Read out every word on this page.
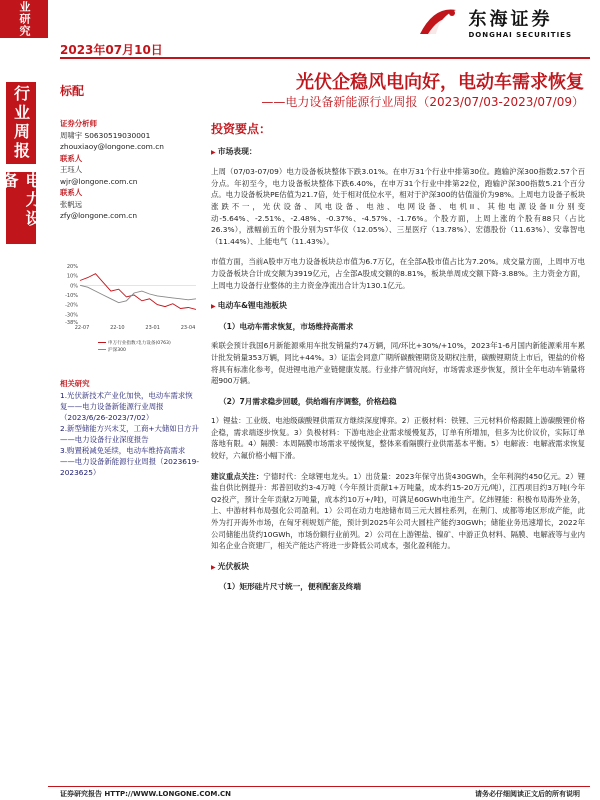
业研究
行业周报
电力设备
2023年07月10日
东海证券
DONGHAI SECURITIES
标配	光伏企稳风电向好，电动车需求恢复
——电力设备新能源行业周报（2023/07/03-2023/07/09）
证券分析师
周啸宇 S0630519030001
zhouxiaoy@longone.com.cn
联系人
王珏人
wjr@longone.com.cn
联系人
张帆远
zfy@longone.com.cn
20%
10%
0%
-10%
-20%
-30%
-38%
22-07	22-10	23-01	23-04
申万行业指数:电力设备(0763)
沪深300
相关研究
1.光伏新技术产业化加快，电动车需求恢复——电力设备新能源行业周报（2023/6/26-2023/7/02）
2.新型储能方兴未艾，工商+大储如日方升——电力设备行业深度报告
3.购置税减免延续，电动车维持高需求——电力设备新能源行业周报（2023619-2023625）
投资要点：
▶ 市场表现：

上周（07/03-07/09）电力设备板块整体下跌3.01%。在申万31个行业中排第30位。跑输沪深300指数2.57个百分点。年初至今，电力设备板块整体下跌6.40%，在申万31个行业中排第22位，跑输沪深300指数5.21个百分点。电力设备板块PE估值为21.7倍，处于相对低位水平，相对于沪深300的估值溢价为98%。上周电力设备子板块涨跌不一，光伏设备、风电设备、电池、电网设备、电机II、其他电源设备II分别变动-5.64%、-2.51%、-2.48%、-0.37%、-4.57%、-1.76%。个股方面，上周上涨的个股有88只（占比26.3%），涨幅前五的个股分别为ST华仪（12.05%）、三星医疗（13.78%）、宏德股份（11.63%）、安靠智电（11.44%）、上能电气（11.43%）。

市值方面，当前A股申万电力设备板块总市值为6.7万亿，在全部A股市值占比为7.20%。成交量方面，上周申万电力设备板块合计成交额为3919亿元，占全部A股成交额的8.81%，板块单周成交额下降-3.88%。主力资金方面，上周电力设备行业整体的主力资金净流出合计为130.1亿元。

▶ 电动车&锂电池板块
（1）电动车需求恢复，市场维持高需求

乘联会预计我国6月新能源乘用车批发销量约74万辆，同/环比+30%/+10%，2023年1-6月国内新能源乘用车累计批发销量353万辆，同比+44%。3）证监会同意广期所碳酸锂期货及期权注册，碳酸锂期货上市后，锂盐的价格将具有标准化参考，促进锂电池产业链健康发展。行业排产情况向好，市场需求逐步恢复，预计全年电动车销量将超900万辆。

（2）7月需求稳步回暖，供给端有序调整，价格趋稳

1）锂盐：工业级、电池级碳酸锂供需双方继续深度博弈。2）正极材料：铁锂、三元材料价格跟随上游碳酸锂价格企稳，需求端逐步恢复。3）负极材料：下游电池企业需求缓慢复苏，订单有所增加，但多为比价议价，实际订单落地有限。4）隔膜：本周隔膜市场需求平缓恢复，整体来看隔膜行业供需基本平衡。5）电解液：电解液需求恢复较好，六氟价格小幅下滑。

建议重点关注：宁德时代：全球锂电龙头。1）出货量：2023年保守出货430GWh，全年利润约450亿元。2）锂盐自供比例提升：邦普回收约3-4万吨（今年预计贡献1+万吨量，成本约15-20万元/吨），江西项目约3万吨(今年Q2投产，预计全年贡献2万吨量，成本约10万+/吨)，可满足60GWh电池生产。亿纬锂能：积极布局海外业务，上、中游材料布局强化公司盈利。1）公司在动力电池储布局三元大圆柱系列，在荆门、成都等地区形成产能，此外为打开海外市场，在匈牙利规划产能，预计到2025年公司大圆柱产能约30GWh；储能业务迅速增长，2022年公司储能出货约10GWh，市场份额行业前列。2）公司在上游锂盐、镍矿、中游正负材料、隔膜、电解液等与业内知名企业合资建厂，相关产能达产将进一步降低公司成本，强化盈利能力。

▶ 光伏板块
（1）矩形硅片尺寸统一，便利配套及终端
证券研究报告 HTTP://WWW.LONGONE.COM.CN	请务必仔细阅读正文后的所有说明
